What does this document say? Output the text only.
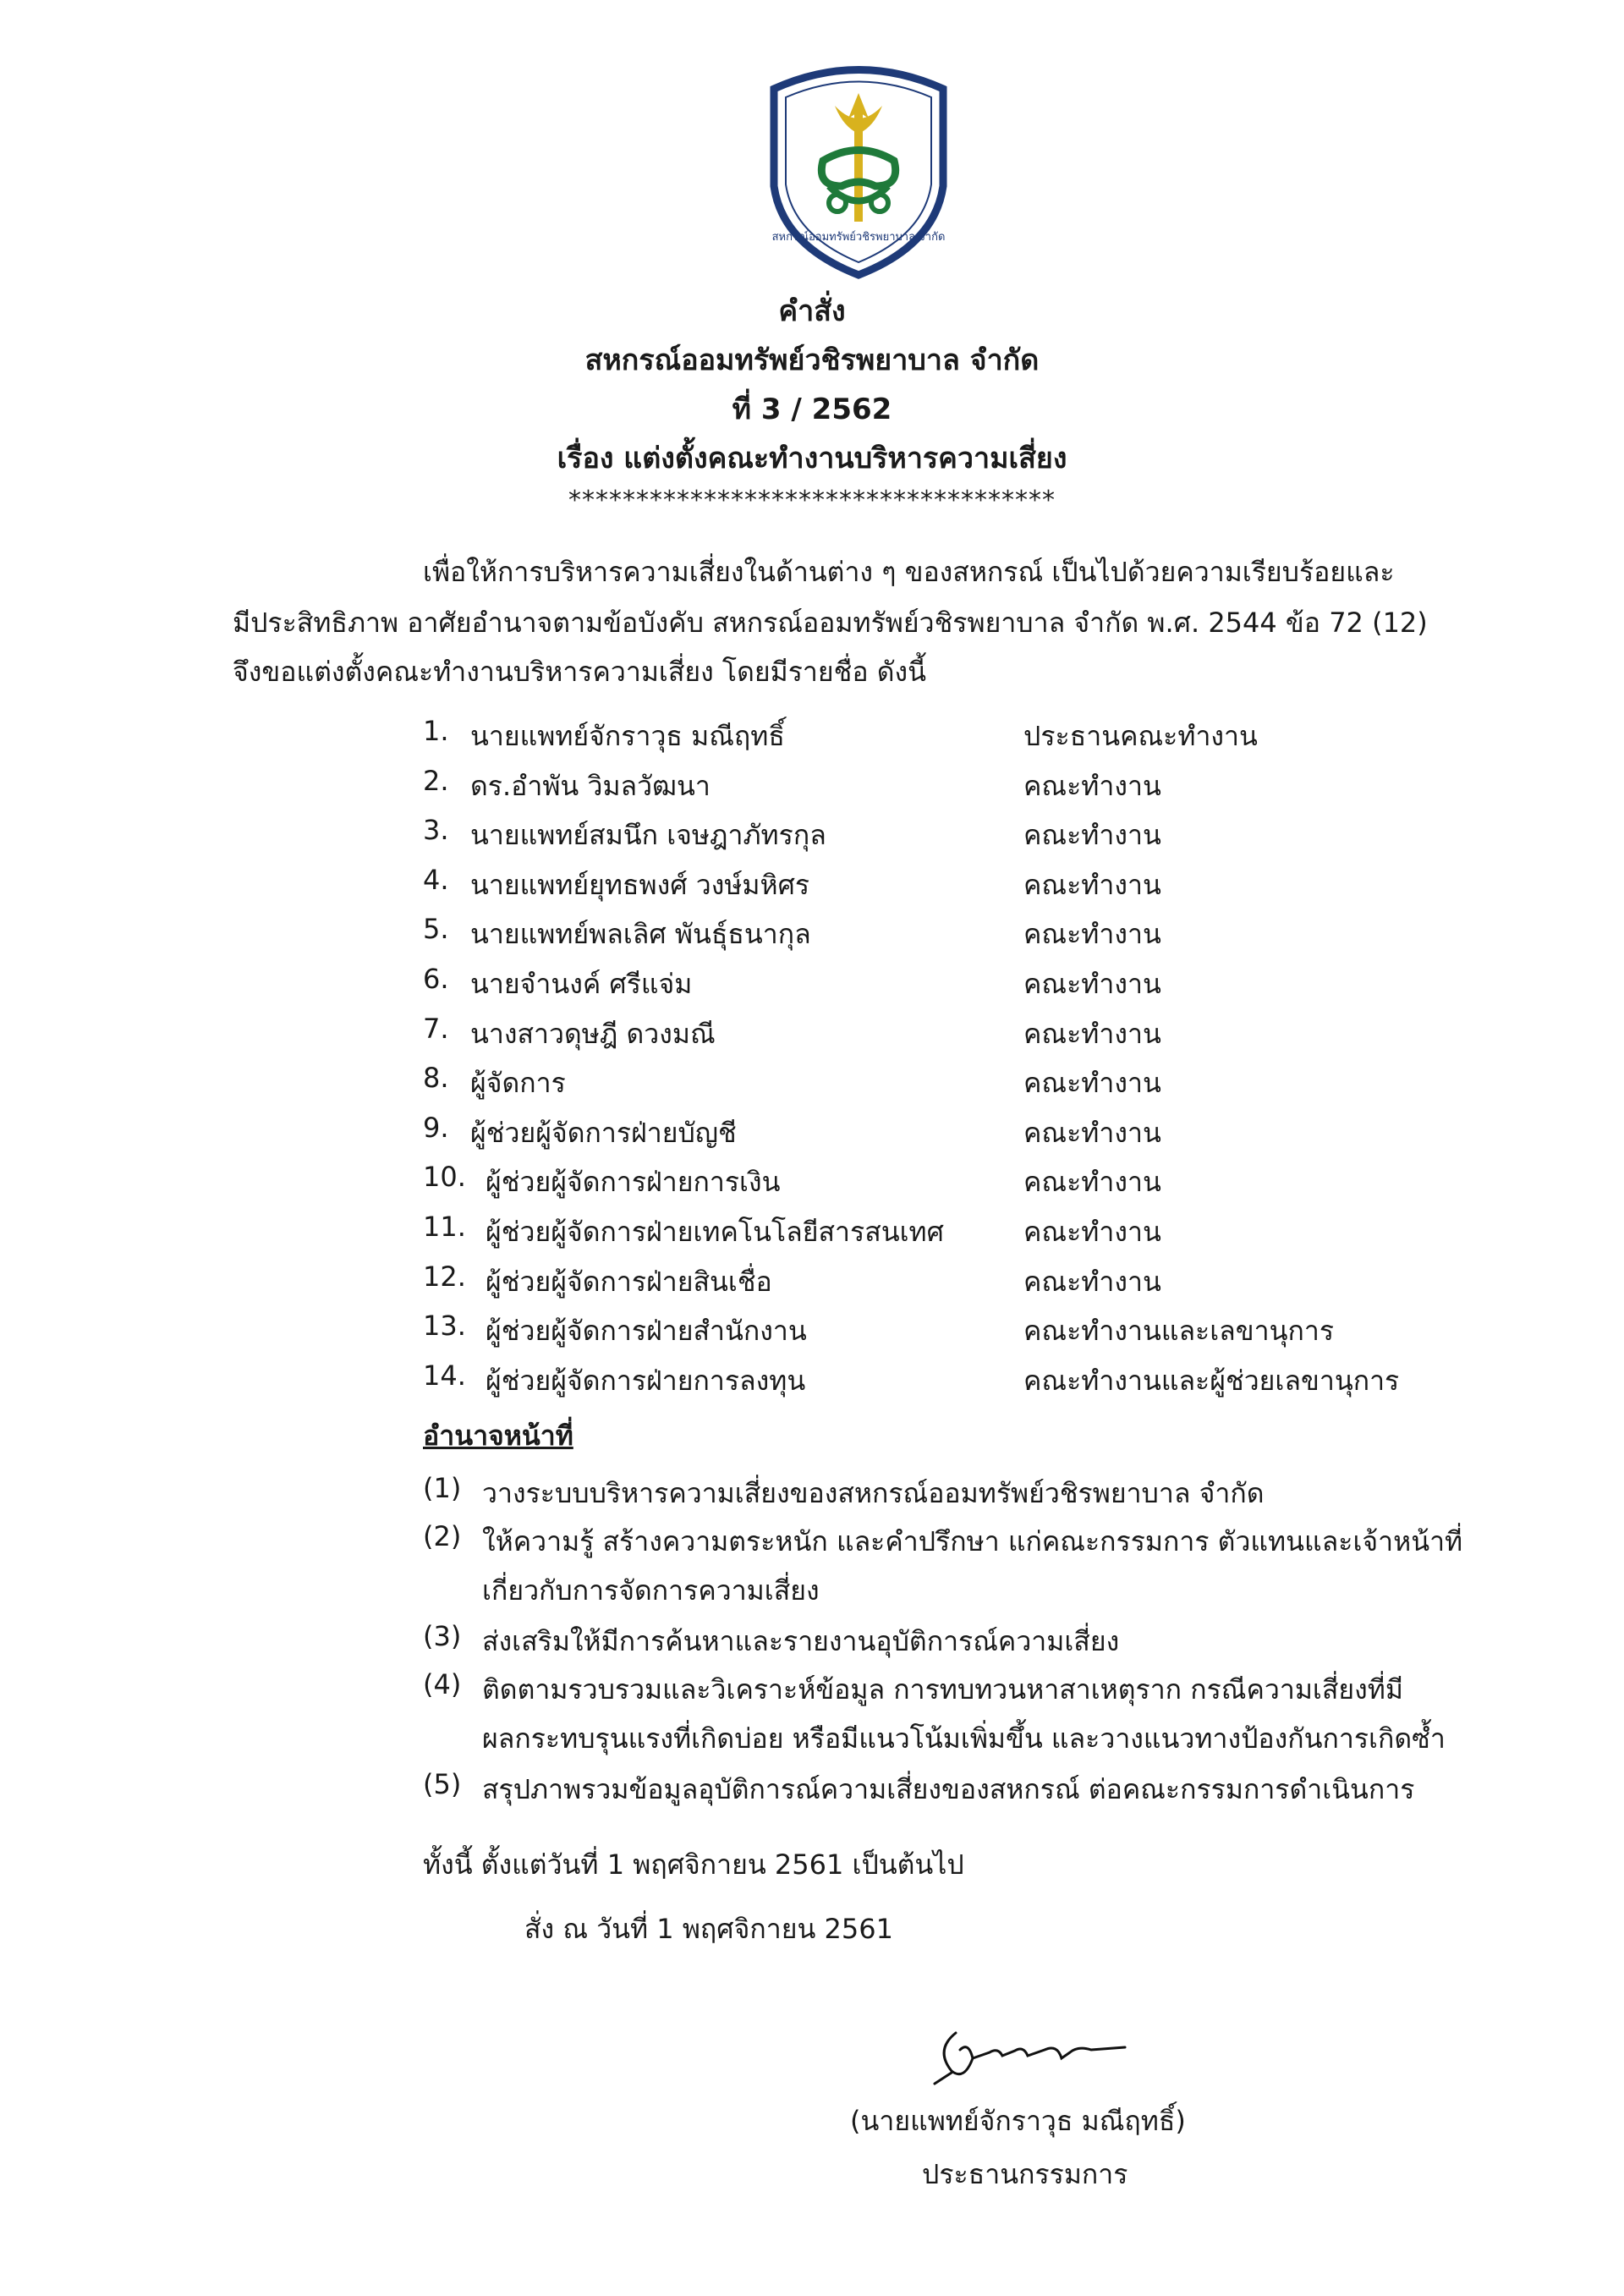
สหกรณ์ออมทรัพย์วชิรพยาบาล จำกัด
คำสั่ง
สหกรณ์ออมทรัพย์วชิรพยาบาล จำกัด
ที่ 3 / 2562
เรื่อง แต่งตั้งคณะทำงานบริหารความเสี่ยง
************************************
เพื่อให้การบริหารความเสี่ยงในด้านต่าง ๆ ของสหกรณ์ เป็นไปด้วยความเรียบร้อยและ
มีประสิทธิภาพ อาศัยอำนาจตามข้อบังคับ สหกรณ์ออมทรัพย์วชิรพยาบาล จำกัด พ.ศ. 2544 ข้อ 72 (12)
จึงขอแต่งตั้งคณะทำงานบริหารความเสี่ยง โดยมีรายชื่อ ดังนี้
1. นายแพทย์จักราวุธ มณีฤทธิ์	ประธานคณะทำงาน
2. ดร.อำพัน วิมลวัฒนา	คณะทำงาน
3. นายแพทย์สมนึก เจษฎาภัทรกุล	คณะทำงาน
4. นายแพทย์ยุทธพงศ์ วงษ์มหิศร	คณะทำงาน
5. นายแพทย์พลเลิศ พันธุ์ธนากุล	คณะทำงาน
6. นายจำนงค์ ศรีแจ่ม	คณะทำงาน
7. นางสาวดุษฎี ดวงมณี	คณะทำงาน
8. ผู้จัดการ	คณะทำงาน
9. ผู้ช่วยผู้จัดการฝ่ายบัญชี	คณะทำงาน
10. ผู้ช่วยผู้จัดการฝ่ายการเงิน	คณะทำงาน
11. ผู้ช่วยผู้จัดการฝ่ายเทคโนโลยีสารสนเทศ	คณะทำงาน
12. ผู้ช่วยผู้จัดการฝ่ายสินเชื่อ	คณะทำงาน
13. ผู้ช่วยผู้จัดการฝ่ายสำนักงาน	คณะทำงานและเลขานุการ
14. ผู้ช่วยผู้จัดการฝ่ายการลงทุน	คณะทำงานและผู้ช่วยเลขานุการ
อำนาจหน้าที่
(1) วางระบบบริหารความเสี่ยงของสหกรณ์ออมทรัพย์วชิรพยาบาล จำกัด
(2) ให้ความรู้ สร้างความตระหนัก และคำปรึกษา แก่คณะกรรมการ ตัวแทนและเจ้าหน้าที่
เกี่ยวกับการจัดการความเสี่ยง
(3) ส่งเสริมให้มีการค้นหาและรายงานอุบัติการณ์ความเสี่ยง
(4) ติดตามรวบรวมและวิเคราะห์ข้อมูล การทบทวนหาสาเหตุราก กรณีความเสี่ยงที่มี
ผลกระทบรุนแรงที่เกิดบ่อย หรือมีแนวโน้มเพิ่มขึ้น และวางแนวทางป้องกันการเกิดซ้ำ
(5) สรุปภาพรวมข้อมูลอุบัติการณ์ความเสี่ยงของสหกรณ์ ต่อคณะกรรมการดำเนินการ
ทั้งนี้ ตั้งแต่วันที่ 1 พฤศจิกายน 2561 เป็นต้นไป
สั่ง ณ วันที่ 1 พฤศจิกายน 2561
(นายแพทย์จักราวุธ มณีฤทธิ์)
ประธานกรรมการ
